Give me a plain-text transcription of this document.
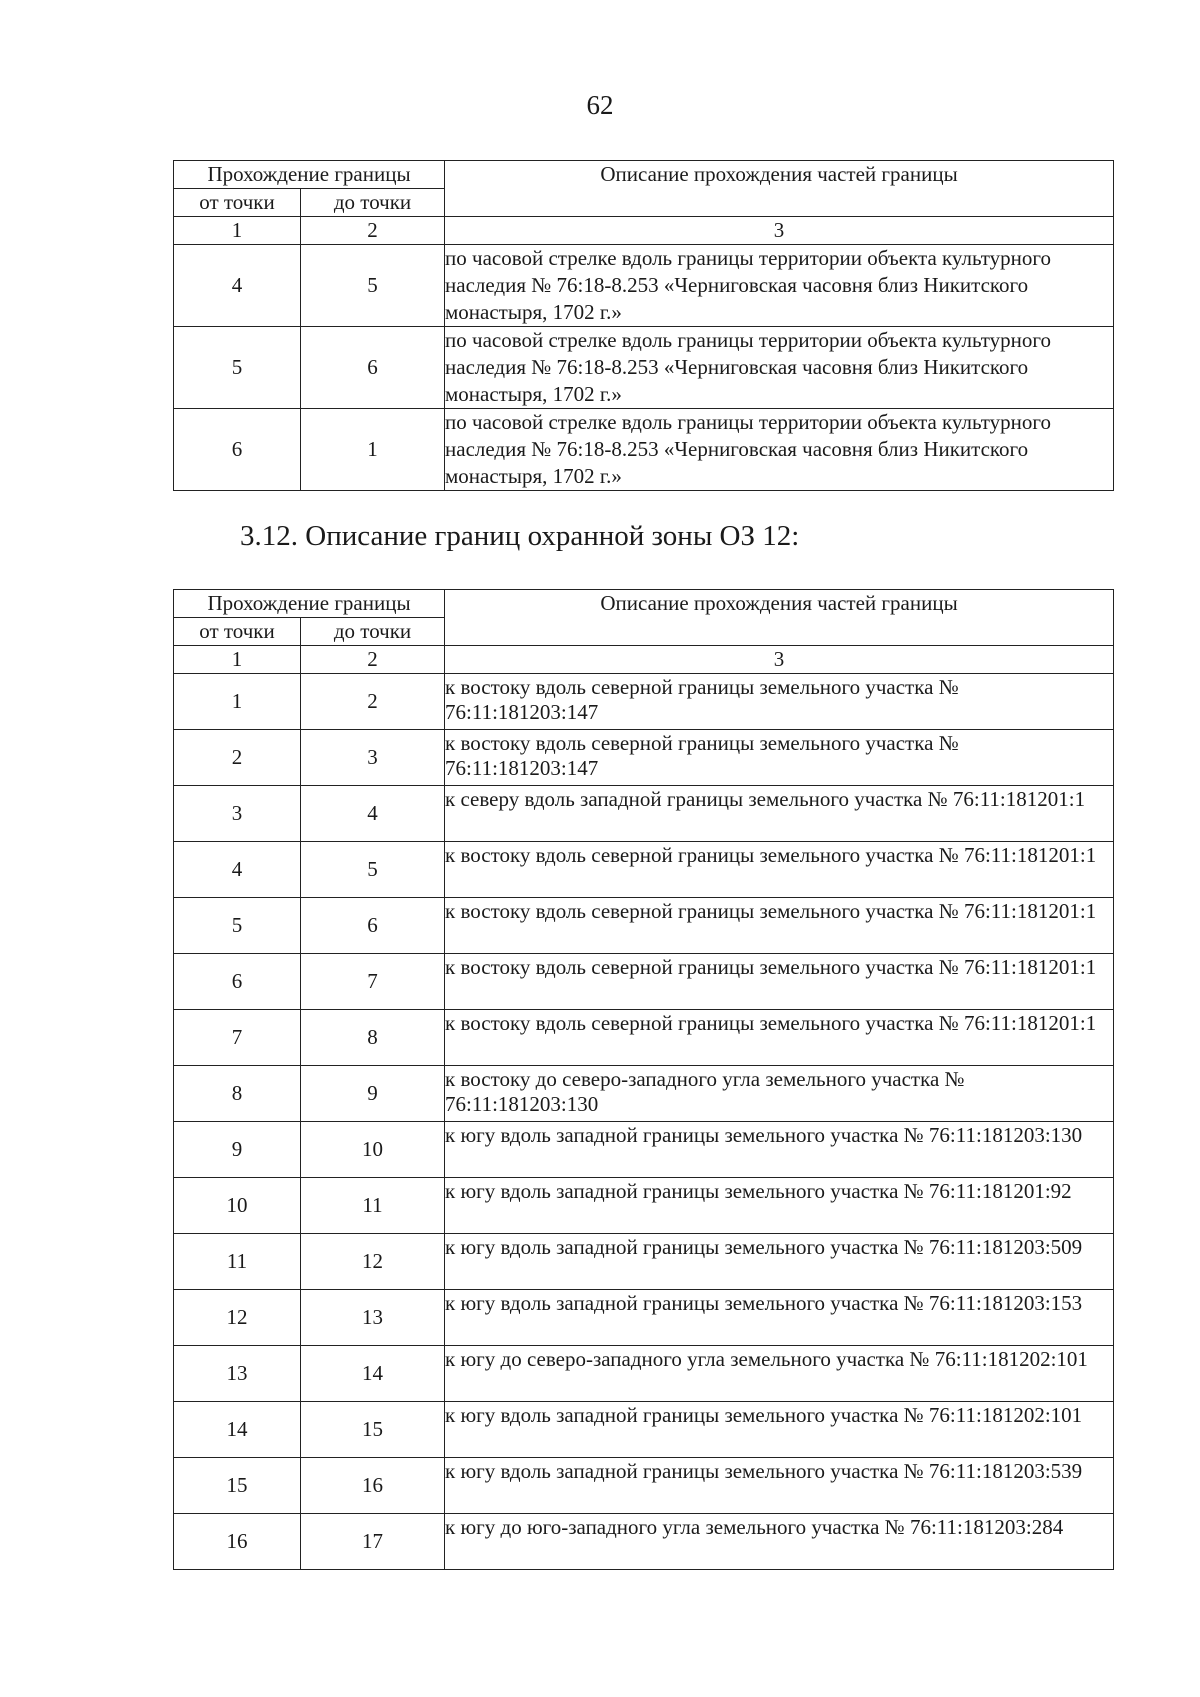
62
Прохождение границы		Описание прохождения частей границы
от точки	до точки	
1	2	3
4	5	по часовой стрелке вдоль границы территории объекта культурного наследия № 76:18-8.253 «Черниговская часовня близ Никитского монастыря, 1702 г.»
5	6	по часовой стрелке вдоль границы территории объекта культурного наследия № 76:18-8.253 «Черниговская часовня близ Никитского монастыря, 1702 г.»
6	1	по часовой стрелке вдоль границы территории объекта культурного наследия № 76:18-8.253 «Черниговская часовня близ Никитского монастыря, 1702 г.»
3.12. Описание границ охранной зоны ОЗ 12:
Прохождение границы		Описание прохождения частей границы
от точки	до точки	
1	2	3
1	2	к востоку вдоль северной границы земельного участка № 76:11:181203:147
2	3	к востоку вдоль северной границы земельного участка № 76:11:181203:147
3	4	к северу вдоль западной границы земельного участка № 76:11:181201:1
4	5	к востоку вдоль северной границы земельного участка № 76:11:181201:1
5	6	к востоку вдоль северной границы земельного участка № 76:11:181201:1
6	7	к востоку вдоль северной границы земельного участка № 76:11:181201:1
7	8	к востоку вдоль северной границы земельного участка № 76:11:181201:1
8	9	к востоку до северо-западного угла земельного участка № 76:11:181203:130
9	10	к югу вдоль западной границы земельного участка № 76:11:181203:130
10	11	к югу вдоль западной границы земельного участка № 76:11:181201:92
11	12	к югу вдоль западной границы земельного участка № 76:11:181203:509
12	13	к югу вдоль западной границы земельного участка № 76:11:181203:153
13	14	к югу до северо-западного угла земельного участка № 76:11:181202:101
14	15	к югу вдоль западной границы земельного участка № 76:11:181202:101
15	16	к югу вдоль западной границы земельного участка № 76:11:181203:539
16	17	к югу до юго-западного угла земельного участка № 76:11:181203:284
